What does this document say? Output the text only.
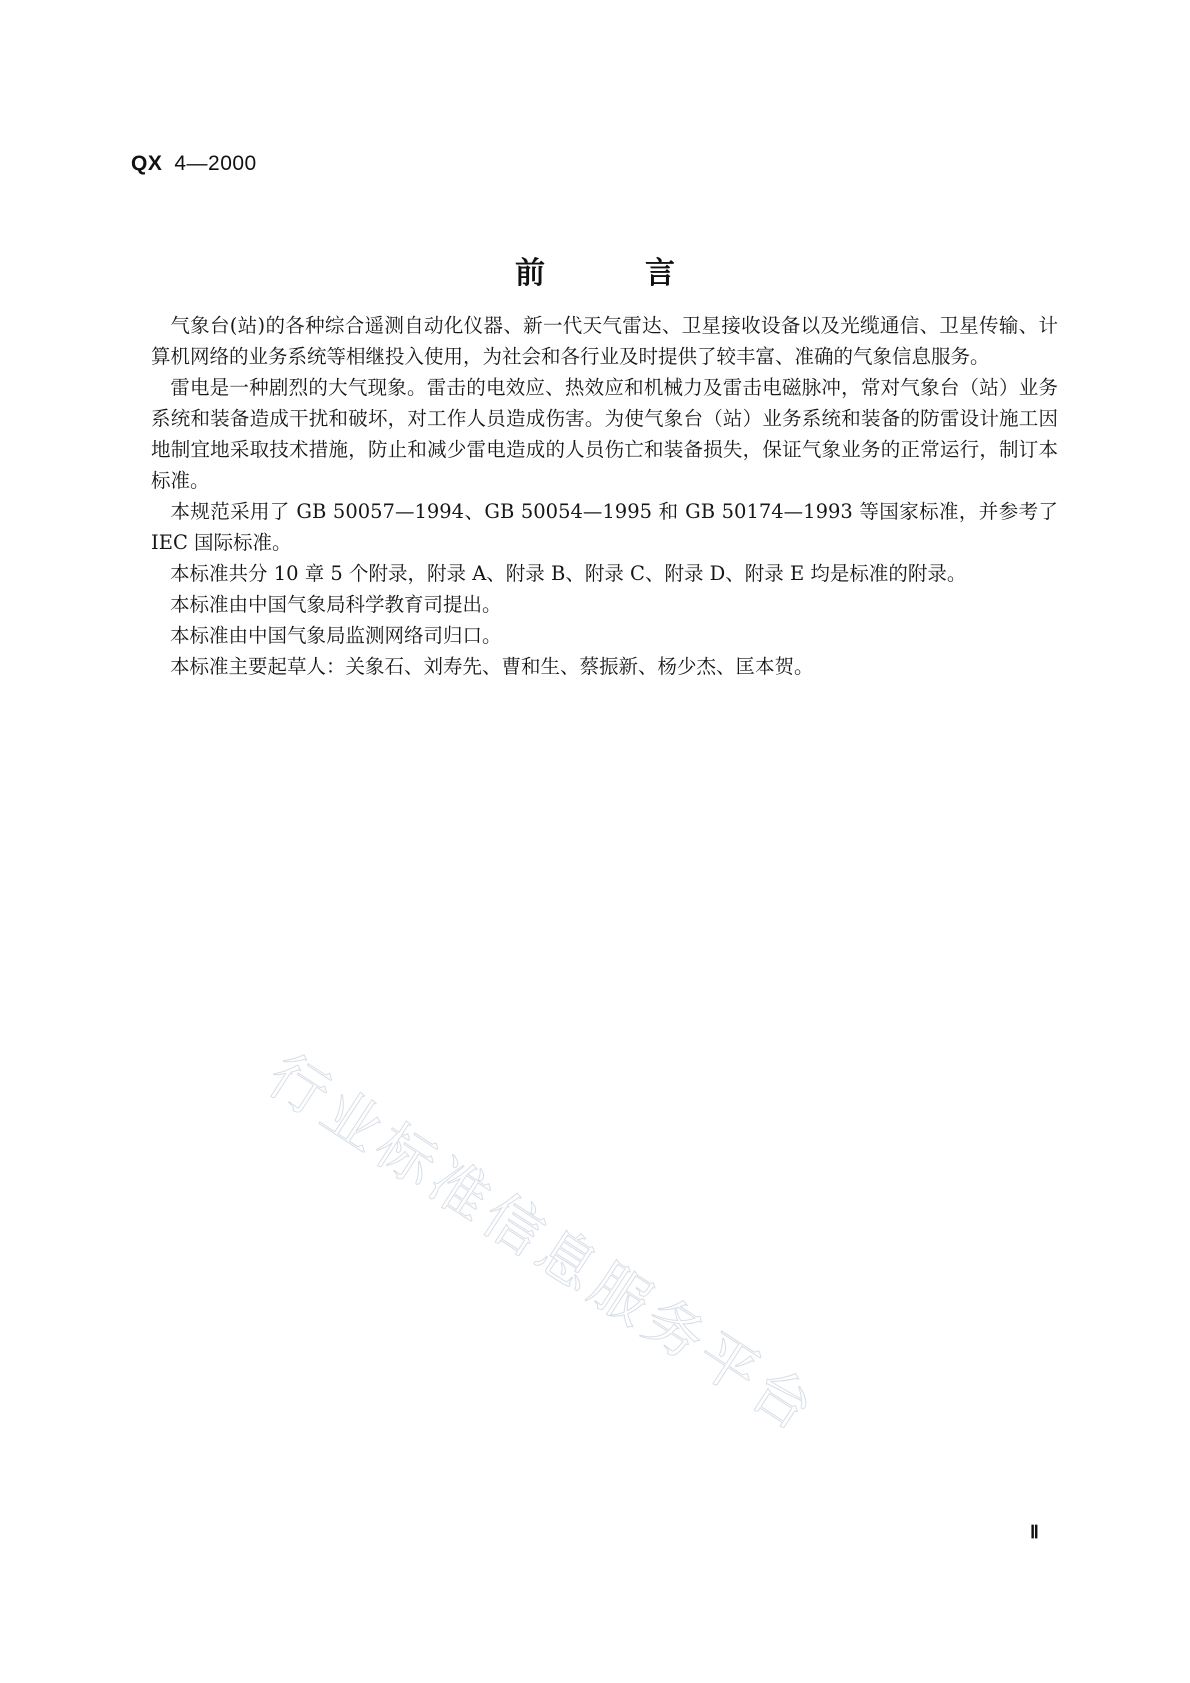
QX 4—2000
前	言

气象台(站)的各种综合遥测自动化仪器、新一代天气雷达、卫星接收设备以及光缆通信、卫星传输、计算机网络的业务系统等相继投入使用，为社会和各行业及时提供了较丰富、准确的气象信息服务。

雷电是一种剧烈的大气现象。雷击的电效应、热效应和机械力及雷击电磁脉冲，常对气象台（站）业务系统和装备造成干扰和破坏，对工作人员造成伤害。为使气象台（站）业务系统和装备的防雷设计施工因地制宜地采取技术措施，防止和减少雷电造成的人员伤亡和装备损失，保证气象业务的正常运行，制订本标准。

本规范采用了 GB 50057—1994、GB 50054—1995 和 GB 50174—1993 等国家标准，并参考了 IEC 国际标准。

本标准共分 10 章 5 个附录，附录 A、附录 B、附录 C、附录 D、附录 E 均是标准的附录。

本标准由中国气象局科学教育司提出。

本标准由中国气象局监测网络司归口。

本标准主要起草人：关象石、刘寿先、曹和生、蔡振新、杨少杰、匡本贺。

行业标准信息服务平台
Ⅱ
